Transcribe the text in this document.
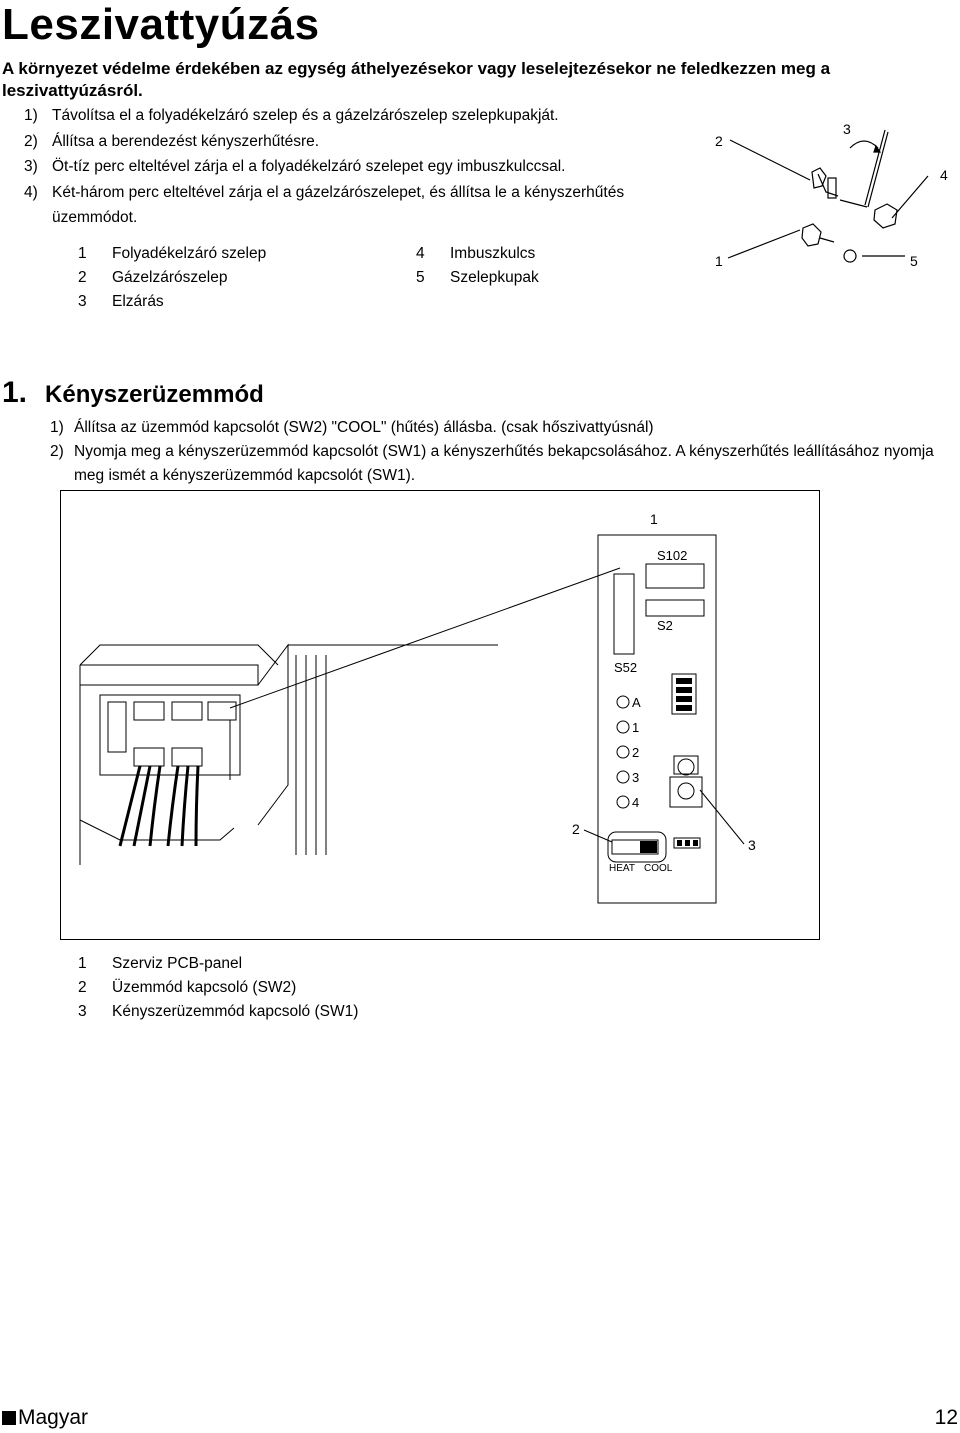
Leszivattyúzás
A környezet védelme érdekében az egység áthelyezésekor vagy leselejtezésekor ne feledkezzen meg a leszivattyúzásról.
1) Távolítsa el a folyadékelzáró szelep és a gázelzárószelep szelepkupakját.
2) Állítsa a berendezést kényszerhűtésre.
3) Öt-tíz perc elteltével zárja el a folyadékelzáró szelepet egy imbuszkulccsal.
4) Két-három perc elteltével zárja el a gázelzárószelepet, és állítsa le a kényszerhűtés üzemmódot.
2
3
4
1	5
1	Folyadékelzáró szelep
2	Gázelzárószelep
3	Elzárás
4	Imbuszkulcs
5	Szelepkupak
1. Kényszerüzemmód
1) Állítsa az üzemmód kapcsolót (SW2) "COOL" (hűtés) állásba. (csak hőszivattyúsnál)
2) Nyomja meg a kényszerüzemmód kapcsolót (SW1) a kényszerhűtés bekapcsolásához. A kényszerhűtés leállításához nyomja meg ismét a kényszerüzemmód kapcsolót (SW1).
1
S102
S2
S52
A
1
2
3
4
HEAT COOL
2
3
1	Szerviz PCB-panel
2	Üzemmód kapcsoló (SW2)
3	Kényszerüzemmód kapcsoló (SW1)
Magyar	12
